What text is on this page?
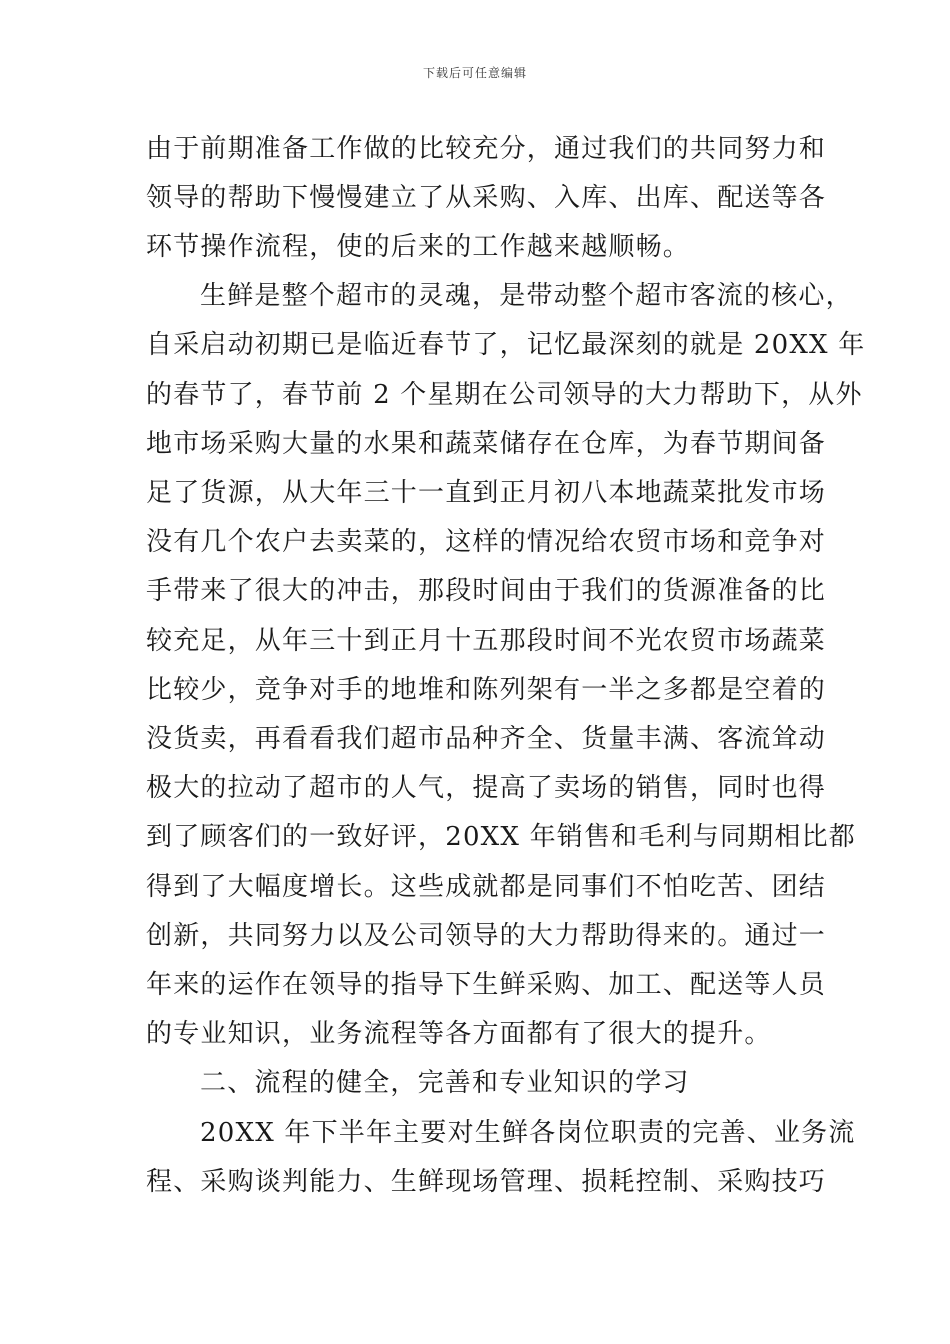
下载后可任意编辑
由于前期准备工作做的比较充分，通过我们的共同努力和
领导的帮助下慢慢建立了从采购、入库、出库、配送等各
环节操作流程，使的后来的工作越来越顺畅。
生鲜是整个超市的灵魂，是带动整个超市客流的核心，
自采启动初期已是临近春节了，记忆最深刻的就是 20XX 年
的春节了，春节前 2 个星期在公司领导的大力帮助下，从外
地市场采购大量的水果和蔬菜储存在仓库，为春节期间备
足了货源，从大年三十一直到正月初八本地蔬菜批发市场
没有几个农户去卖菜的，这样的情况给农贸市场和竞争对
手带来了很大的冲击，那段时间由于我们的货源准备的比
较充足，从年三十到正月十五那段时间不光农贸市场蔬菜
比较少，竞争对手的地堆和陈列架有一半之多都是空着的
没货卖，再看看我们超市品种齐全、货量丰满、客流耸动
极大的拉动了超市的人气，提高了卖场的销售，同时也得
到了顾客们的一致好评，20XX 年销售和毛利与同期相比都
得到了大幅度增长。这些成就都是同事们不怕吃苦、团结
创新，共同努力以及公司领导的大力帮助得来的。通过一
年来的运作在领导的指导下生鲜采购、加工、配送等人员
的专业知识，业务流程等各方面都有了很大的提升。
二、流程的健全，完善和专业知识的学习
20XX 年下半年主要对生鲜各岗位职责的完善、业务流
程、采购谈判能力、生鲜现场管理、损耗控制、采购技巧
